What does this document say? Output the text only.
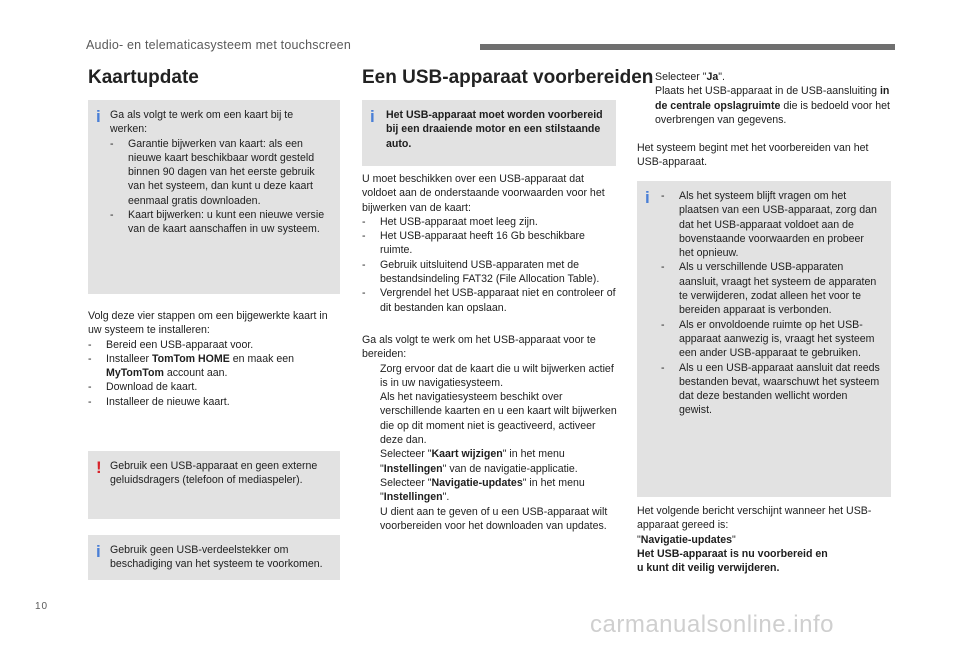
Audio- en telematicasysteem met touchscreen
Kaartupdate
i Ga als volgt te werk om een kaart bij te werken:

- Garantie bijwerken van kaart: als een nieuwe kaart beschikbaar wordt gesteld binnen 90 dagen van het eerste gebruik van het systeem, dan kunt u deze kaart eenmaal gratis downloaden.
- Kaart bijwerken: u kunt een nieuwe versie van de kaart aanschaffen in uw systeem.

Volg deze vier stappen om een bijgewerkte kaart in uw systeem te installeren:

- Bereid een USB-apparaat voor.
- Installeer TomTom HOME en maak een
MyTomTom account aan.
- Download de kaart.
- Installeer de nieuwe kaart.
! Gebruik een USB-apparaat en geen externe geluidsdragers (telefoon of mediaspeler).

i Gebruik geen USB-verdeelstekker om beschadiging van het systeem te voorkomen.

Een USB-apparaat voorbereiden
i Het USB-apparaat moet worden voorbereid bij een draaiende motor en een stilstaande auto.

U moet beschikken over een USB-apparaat dat voldoet aan de onderstaande voorwaarden voor het bijwerken van de kaart:

- Het USB-apparaat moet leeg zijn.
- Het USB-apparaat heeft 16 Gb beschikbare ruimte.
- Gebruik uitsluitend USB-apparaten met de bestandsindeling FAT32 (File Allocation Table).
- Vergrendel het USB-apparaat niet en controleer of dit bestanden kan opslaan.

Ga als volgt te werk om het USB-apparaat voor te bereiden:

Zorg ervoor dat de kaart die u wilt bijwerken actief is in uw navigatiesysteem.
Als het navigatiesysteem beschikt over verschillende kaarten en u een kaart wilt bijwerken die op dit moment niet is geactiveerd, activeer deze dan.
Selecteer "Kaart wijzigen" in het menu "Instellingen" van de navigatie-applicatie.
Selecteer "Navigatie-updates" in het menu "Instellingen".
U dient aan te geven of u een USB-apparaat wilt voorbereiden voor het downloaden van updates.
Selecteer "Ja".
Plaats het USB-apparaat in de USB-aansluiting in de centrale opslagruimte die is bedoeld voor het overbrengen van gegevens.

Het systeem begint met het voorbereiden van het USB-apparaat.

i - Als het systeem blijft vragen om het plaatsen van een USB-apparaat, zorg dan dat het USB-apparaat voldoet aan de bovenstaande voorwaarden en probeer het opnieuw.
- Als u verschillende USB-apparaten aansluit, vraagt het systeem de apparaten te verwijderen, zodat alleen het voor te bereiden apparaat is verbonden.
- Als er onvoldoende ruimte op het USB-apparaat aanwezig is, vraagt het systeem een ander USB-apparaat te gebruiken.
- Als u een USB-apparaat aansluit dat reeds bestanden bevat, waarschuwt het systeem dat deze bestanden wellicht worden gewist.

Het volgende bericht verschijnt wanneer het USB-apparaat gereed is:

"Navigatie-updates"

Het USB-apparaat is nu voorbereid en

u kunt dit veilig verwijderen.

10
carmanualsonline.info
